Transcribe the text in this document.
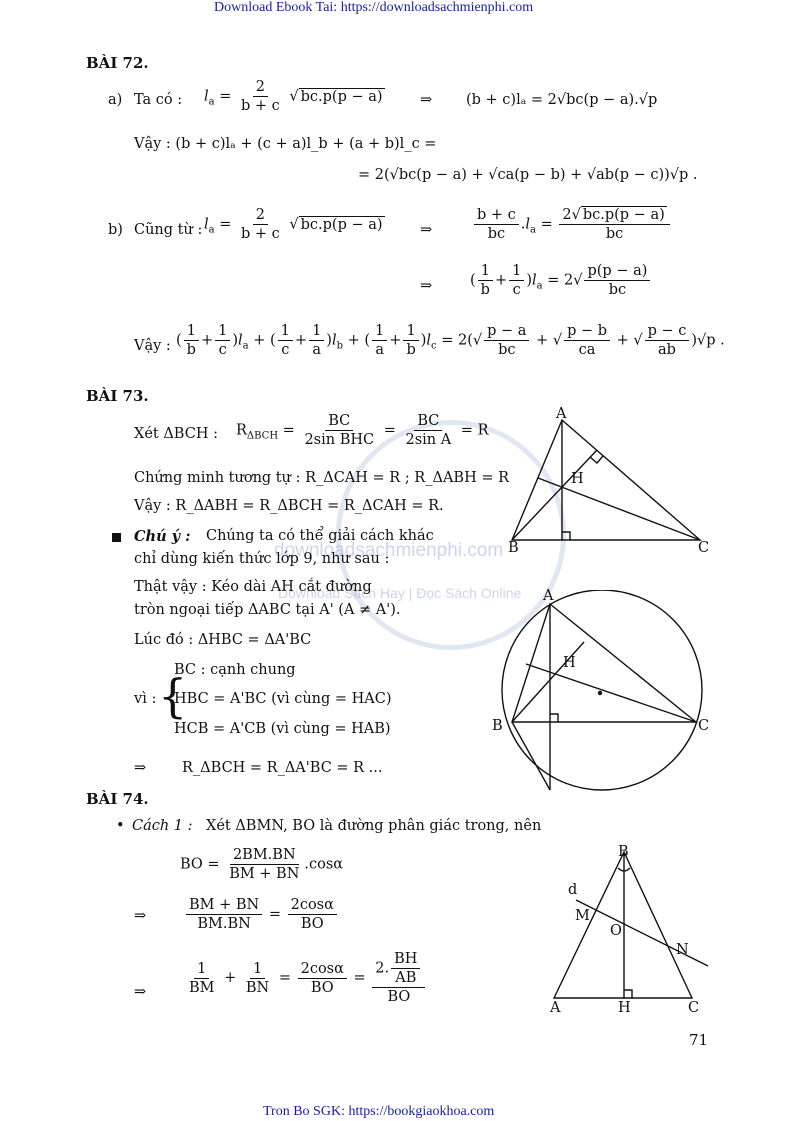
Download Ebook Tai: https://downloadsachmienphi.com
Tron Bo SGK: https://bookgiaokhoa.com
71
downloadsachmienphi.com
Download Sách Hay | Đọc Sách Online
BÀI 72.
a) Ta có : $l_a = \frac{2}{b + c}$ √ bc.p(p − a)	⇒ (b + c)lₐ = 2√bc(p − a).√p
Vậy : (b + c)lₐ + (c + a)l_b + (a + b)l_c =
= 2(√bc(p − a) + √ca(p − b) + √ab(p − c))√p .
b) Cũng từ : $l_a = \frac{2}{b + c}$ √ bc.p(p − a)	⇒	$\frac{b + c}{bc} .l_a = \frac{2√ bc.p(p - a)}{bc}$
⇒	( $\frac{1}{b} + \frac{1}{c} )l_a = 2√ \frac{p(p - a)}{bc}$
Vậy : ( $\frac{1}{b} + \frac{1}{c} )l_a$ + ( $\frac{1}{c} + \frac{1}{a} )l_b$ + ( $\frac{1}{a} + \frac{1}{b} )l_c = 2(√ \frac{p - a}{bc}$ + √ $\frac{p - b}{ca}$ + √ $\frac{p - c}{ab} )√p$ .
BÀI 73.
Xét ΔBCH : $R_{\Delta BCH} = \frac{BC}{\text{2sin BHC}} = \frac{BC}{\text{2sin A}} = R$
Chứng minh tương tự : R_ΔCAH = R ; R_ΔABH = R
Vậy : R_ΔABH = R_ΔBCH = R_ΔCAH = R.
Chú ý : Chúng ta có thể giải cách khác
chỉ dùng kiến thức lớp 9, như sau :
Thật vậy : Kéo dài AH cắt đường
tròn ngoại tiếp ΔABC tại A' (A ≠ A').
Lúc đó : ΔHBC = ΔA'BC
vì : {
BC : cạnh chung
HBC = A'BC (vì cùng = HAC)
HCB = A'CB (vì cùng = HAB)
⇒ R_ΔBCH = R_ΔA'BC = R ...
BÀI 74.
• Cách 1 : Xét ΔBMN, BO là đường phân giác trong, nên
BO = $\frac{2BM.BN}{BM + BN} .\cos\alpha$
⇒	$\frac{BM + BN}{BM.BN} = \frac{2\cos\alpha}{BO}$
⇒	$\frac{1}{BM} + \frac{1}{BN} = \frac{2\cos\alpha}{BO} = \frac{2. \frac{BH}{AB}}{BO}$
A
B	C
H
A
B	C
H
B
d
M
O
N
A	H	C
